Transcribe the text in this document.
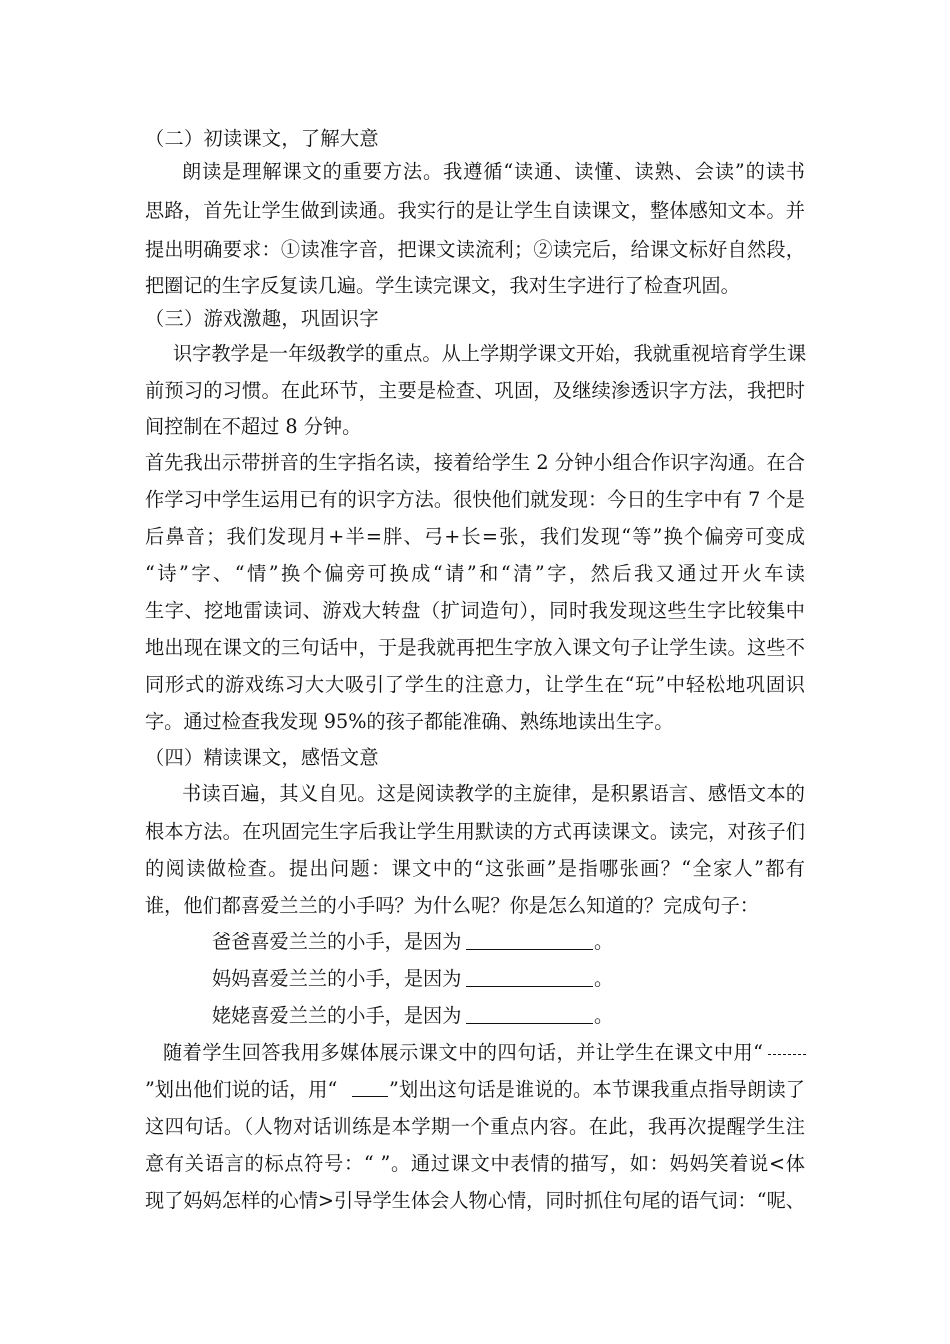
（二）初读课文，了解大意
朗读是理解课文的重要方法。我遵循“读通、读懂、读熟、会读”的读书
思路，首先让学生做到读通。我实行的是让学生自读课文，整体感知文本。并
提出明确要求：①读准字音，把课文读流利；②读完后，给课文标好自然段，
把圈记的生字反复读几遍。学生读完课文，我对生字进行了检查巩固。
（三）游戏激趣，巩固识字
识字教学是一年级教学的重点。从上学期学课文开始，我就重视培育学生课
前预习的习惯。在此环节，主要是检查、巩固，及继续渗透识字方法，我把时
间控制在不超过 8 分钟。
首先我出示带拼音的生字指名读，接着给学生 2 分钟小组合作识字沟通。在合
作学习中学生运用已有的识字方法。很快他们就发现：今日的生字中有 7 个是
后鼻音；我们发现月+半=胖、弓+长=张，我们发现“等”换个偏旁可变成
“诗”字、“情”换个偏旁可换成“请”和“清”字，然后我又通过开火车读
生字、挖地雷读词、游戏大转盘（扩词造句），同时我发现这些生字比较集中
地出现在课文的三句话中，于是我就再把生字放入课文句子让学生读。这些不
同形式的游戏练习大大吸引了学生的注意力，让学生在“玩”中轻松地巩固识
字。通过检查我发现 95%的孩子都能准确、熟练地读出生字。
（四）精读课文，感悟文意
书读百遍，其义自见。这是阅读教学的主旋律，是积累语言、感悟文本的
根本方法。在巩固完生字后我让学生用默读的方式再读课文。读完，对孩子们
的阅读做检查。提出问题：课文中的“这张画”是指哪张画？“全家人”都有
谁，他们都喜爱兰兰的小手吗？为什么呢？你是怎么知道的？完成句子：
爸爸喜爱兰兰的小手，是因为	。
妈妈喜爱兰兰的小手，是因为	。
姥姥喜爱兰兰的小手，是因为	。
随着学生回答我用多媒体展示课文中的四句话，并让学生在课文中用“
”划出他们说的话，用“	”划出这句话是谁说的。本节课我重点指导朗读了
这四句话。（人物对话训练是本学期一个重点内容。在此，我再次提醒学生注
意有关语言的标点符号：“ ”。通过课文中表情的描写，如：妈妈笑着说<体
现了妈妈怎样的心情>引导学生体会人物心情，同时抓住句尾的语气词：“呢、
